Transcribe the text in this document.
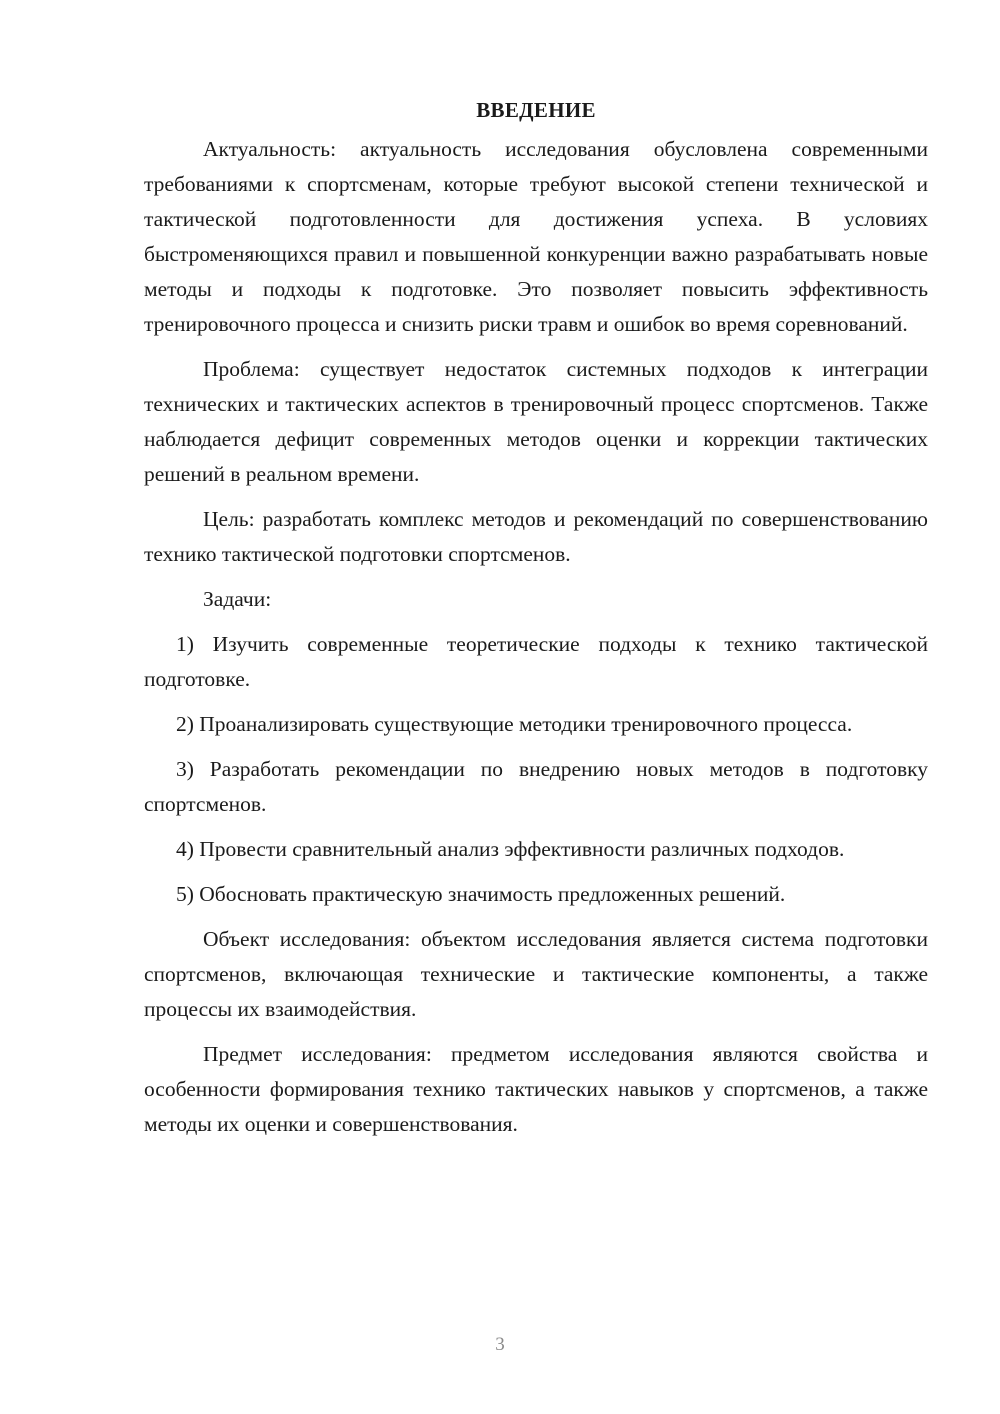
ВВЕДЕНИЕ

Актуальность: актуальность исследования обусловлена современными требованиями к спортсменам, которые требуют высокой степени технической и тактической подготовленности для достижения успеха. В условиях быстроменяющихся правил и повышенной конкуренции важно разрабатывать новые методы и подходы к подготовке. Это позволяет повысить эффективность тренировочного процесса и снизить риски травм и ошибок во время соревнований.

Проблема: существует недостаток системных подходов к интеграции технических и тактических аспектов в тренировочный процесс спортсменов. Также наблюдается дефицит современных методов оценки и коррекции тактических решений в реальном времени.

Цель: разработать комплекс методов и рекомендаций по совершенствованию технико тактической подготовки спортсменов.

Задачи:

1) Изучить современные теоретические подходы к технико тактической подготовке.

2) Проанализировать существующие методики тренировочного процесса.

3) Разработать рекомендации по внедрению новых методов в подготовку спортсменов.

4) Провести сравнительный анализ эффективности различных подходов.

5) Обосновать практическую значимость предложенных решений.

Объект исследования: объектом исследования является система подготовки спортсменов, включающая технические и тактические компоненты, а также процессы их взаимодействия.

Предмет исследования: предметом исследования являются свойства и особенности формирования технико тактических навыков у спортсменов, а также методы их оценки и совершенствования.

3
